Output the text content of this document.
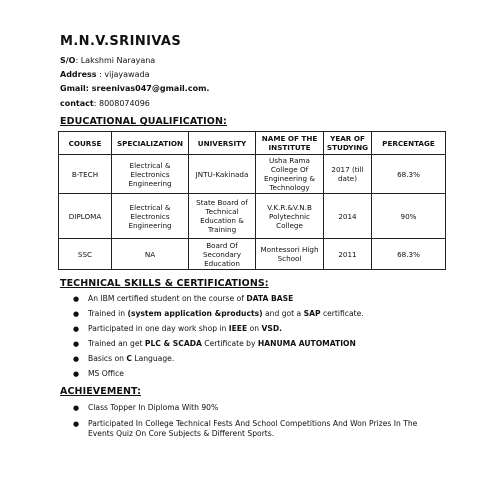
M.N.V.SRINIVAS
S/O: Lakshmi Narayana
Address : vijayawada
Gmail: sreenivas047@gmail.com.
contact: 8008074096
EDUCATIONAL QUALIFICATION:
COURSE	SPECIALIZATION	UNIVERSITY	NAME OF THE INSTITUTE	YEAR OF STUDYING	PERCENTAGE
B-TECH	Electrical & Electronics Engineering	JNTU-Kakinada	Usha Rama College Of Engineering & Technology	2017 (till date)	68.3%
DIPLOMA	Electrical & Electronics Engineering	State Board of Technical Education & Training	V.K.R.&V.N.B Polytechnic College	2014	90%
SSC	NA	Board Of Secondary Education	Montessori High School	2011	68.3%
TECHNICAL SKILLS & CERTIFICATIONS:
● An IBM certified student on the course of DATA BASE
● Trained in (system application &products) and got a SAP certificate.
● Participated in one day work shop in IEEE on VSD.
● Trained an get PLC & SCADA Certificate by HANUMA AUTOMATION
● Basics on C Language.
● MS Office
ACHIEVEMENT:
● Class Topper In Diploma With 90%
● Participated In College Technical Fests And School Competitions And Won Prizes In The
Events Quiz On Core Subjects & Different Sports.
